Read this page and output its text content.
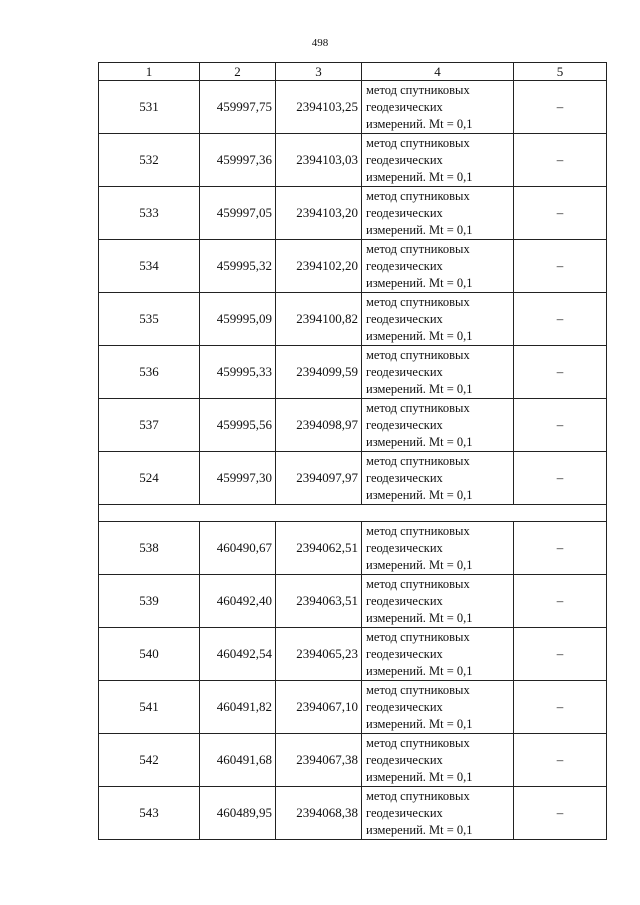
498
1	2	3	4	5
531	459997,75	2394103,25	метод спутниковых
геодезических
измерений. Mt = 0,1	–
532	459997,36	2394103,03	метод спутниковых
геодезических
измерений. Mt = 0,1	–
533	459997,05	2394103,20	метод спутниковых
геодезических
измерений. Mt = 0,1	–
534	459995,32	2394102,20	метод спутниковых
геодезических
измерений. Mt = 0,1	–
535	459995,09	2394100,82	метод спутниковых
геодезических
измерений. Mt = 0,1	–
536	459995,33	2394099,59	метод спутниковых
геодезических
измерений. Mt = 0,1	–
537	459995,56	2394098,97	метод спутниковых
геодезических
измерений. Mt = 0,1	–
524	459997,30	2394097,97	метод спутниковых
геодезических
измерений. Mt = 0,1	–

538	460490,67	2394062,51	метод спутниковых
геодезических
измерений. Mt = 0,1	–
539	460492,40	2394063,51	метод спутниковых
геодезических
измерений. Mt = 0,1	–
540	460492,54	2394065,23	метод спутниковых
геодезических
измерений. Mt = 0,1	–
541	460491,82	2394067,10	метод спутниковых
геодезических
измерений. Mt = 0,1	–
542	460491,68	2394067,38	метод спутниковых
геодезических
измерений. Mt = 0,1	–
543	460489,95	2394068,38	метод спутниковых
геодезических
измерений. Mt = 0,1	–
